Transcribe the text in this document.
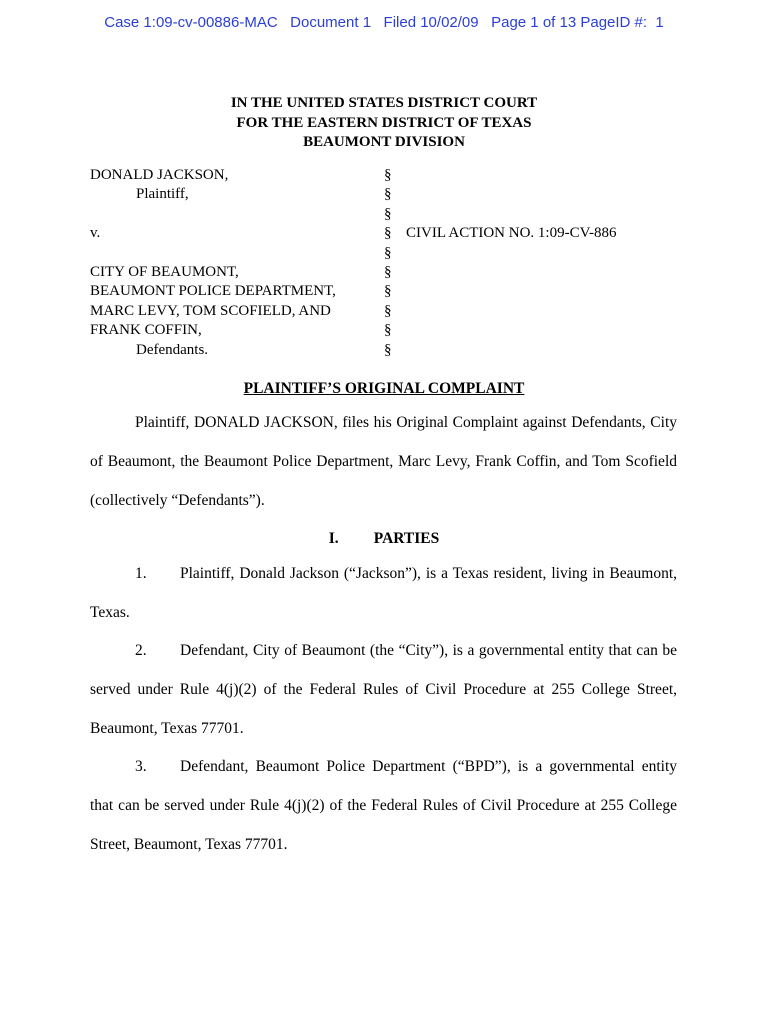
Case 1:09-cv-00886-MAC   Document 1   Filed 10/02/09   Page 1 of 13 PageID #:  1
IN THE UNITED STATES DISTRICT COURT
FOR THE EASTERN DISTRICT OF TEXAS
BEAUMONT DIVISION
DONALD JACKSON,
Plaintiff,

v.

CITY OF BEAUMONT,
BEAUMONT POLICE DEPARTMENT,
MARC LEVY, TOM SCOFIELD, AND
FRANK COFFIN,
Defendants.
§
§
§
§
§
§
§
§
§
§
CIVIL ACTION NO. 1:09-CV-886
PLAINTIFF’S ORIGINAL COMPLAINT
Plaintiff, DONALD JACKSON, files his Original Complaint against Defendants, City of Beaumont, the Beaumont Police Department, Marc Levy, Frank Coffin, and Tom Scofield (collectively “Defendants”).
I. PARTIES
1. Plaintiff, Donald Jackson (“Jackson”), is a Texas resident, living in Beaumont, Texas.
2. Defendant, City of Beaumont (the “City”), is a governmental entity that can be served under Rule 4(j)(2) of the Federal Rules of Civil Procedure at 255 College Street, Beaumont, Texas 77701.
3. Defendant, Beaumont Police Department (“BPD”), is a governmental entity that can be served under Rule 4(j)(2) of the Federal Rules of Civil Procedure at 255 College Street, Beaumont, Texas 77701.
